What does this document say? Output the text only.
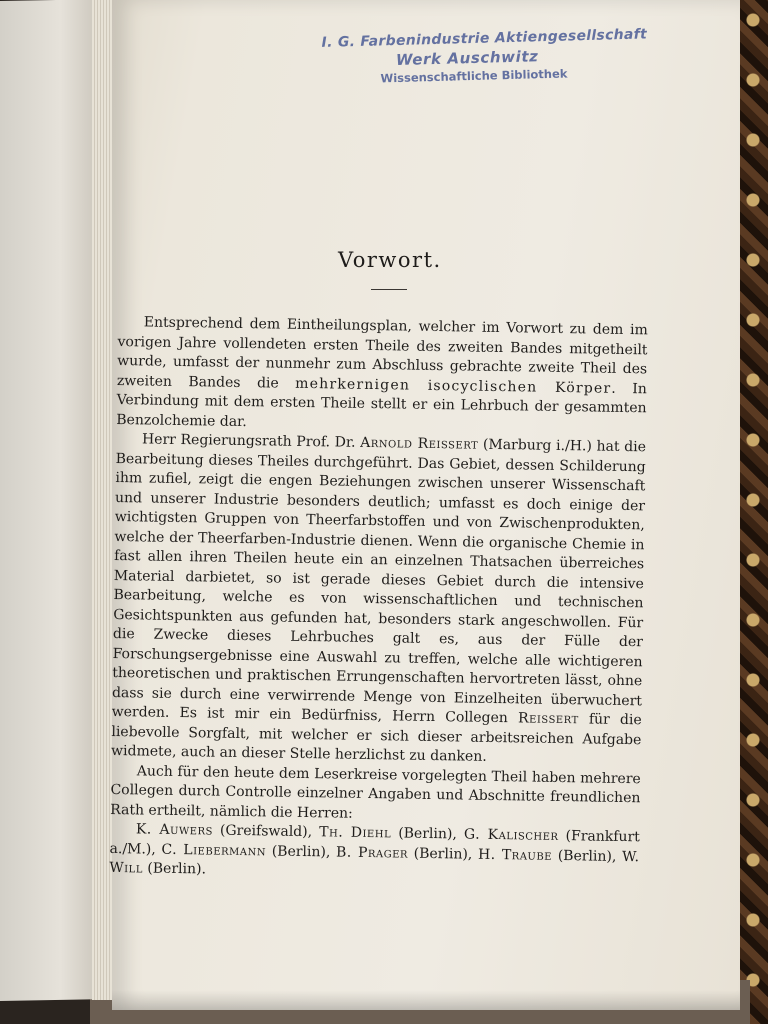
I. G. Farbenindustrie Aktiengesellschaft
Werk Auschwitz
Wissenschaftliche Bibliothek
Vorwort.

Entsprechend dem Eintheilungsplan, welcher im Vorwort zu dem im vorigen Jahre vollendeten ersten Theile des zweiten Bandes mitgetheilt wurde, umfasst der nunmehr zum Abschluss gebrachte zweite Theil des zweiten Bandes die mehrkernigen isocyclischen Körper. In Verbindung mit dem ersten Theile stellt er ein Lehrbuch der gesammten Benzolchemie dar.

Herr Regierungsrath Prof. Dr. Arnold Reissert (Marburg i./H.) hat die Bearbeitung dieses Theiles durchgeführt. Das Gebiet, dessen Schilderung ihm zufiel, zeigt die engen Beziehungen zwischen unserer Wissenschaft und unserer Industrie besonders deutlich; umfasst es doch einige der wichtigsten Gruppen von Theerfarbstoffen und von Zwischenprodukten, welche der Theerfarben-Industrie dienen. Wenn die organische Chemie in fast allen ihren Theilen heute ein an einzelnen Thatsachen überreiches Material darbietet, so ist gerade dieses Gebiet durch die intensive Bearbeitung, welche es von wissenschaftlichen und technischen Gesichtspunkten aus gefunden hat, besonders stark angeschwollen. Für die Zwecke dieses Lehrbuches galt es, aus der Fülle der Forschungsergebnisse eine Auswahl zu treffen, welche alle wichtigeren theoretischen und praktischen Errungenschaften hervortreten lässt, ohne dass sie durch eine verwirrende Menge von Einzelheiten überwuchert werden. Es ist mir ein Bedürfniss, Herrn Collegen Reissert für die liebevolle Sorgfalt, mit welcher er sich dieser arbeitsreichen Aufgabe widmete, auch an dieser Stelle herzlichst zu danken.

Auch für den heute dem Leserkreise vorgelegten Theil haben mehrere Collegen durch Controlle einzelner Angaben und Abschnitte freundlichen Rath ertheilt, nämlich die Herren:

K. Auwers (Greifswald), Th. Diehl (Berlin), G. Kalischer (Frankfurt a./M.), C. Liebermann (Berlin), B. Prager (Berlin), H. Traube (Berlin), W. Will (Berlin).
